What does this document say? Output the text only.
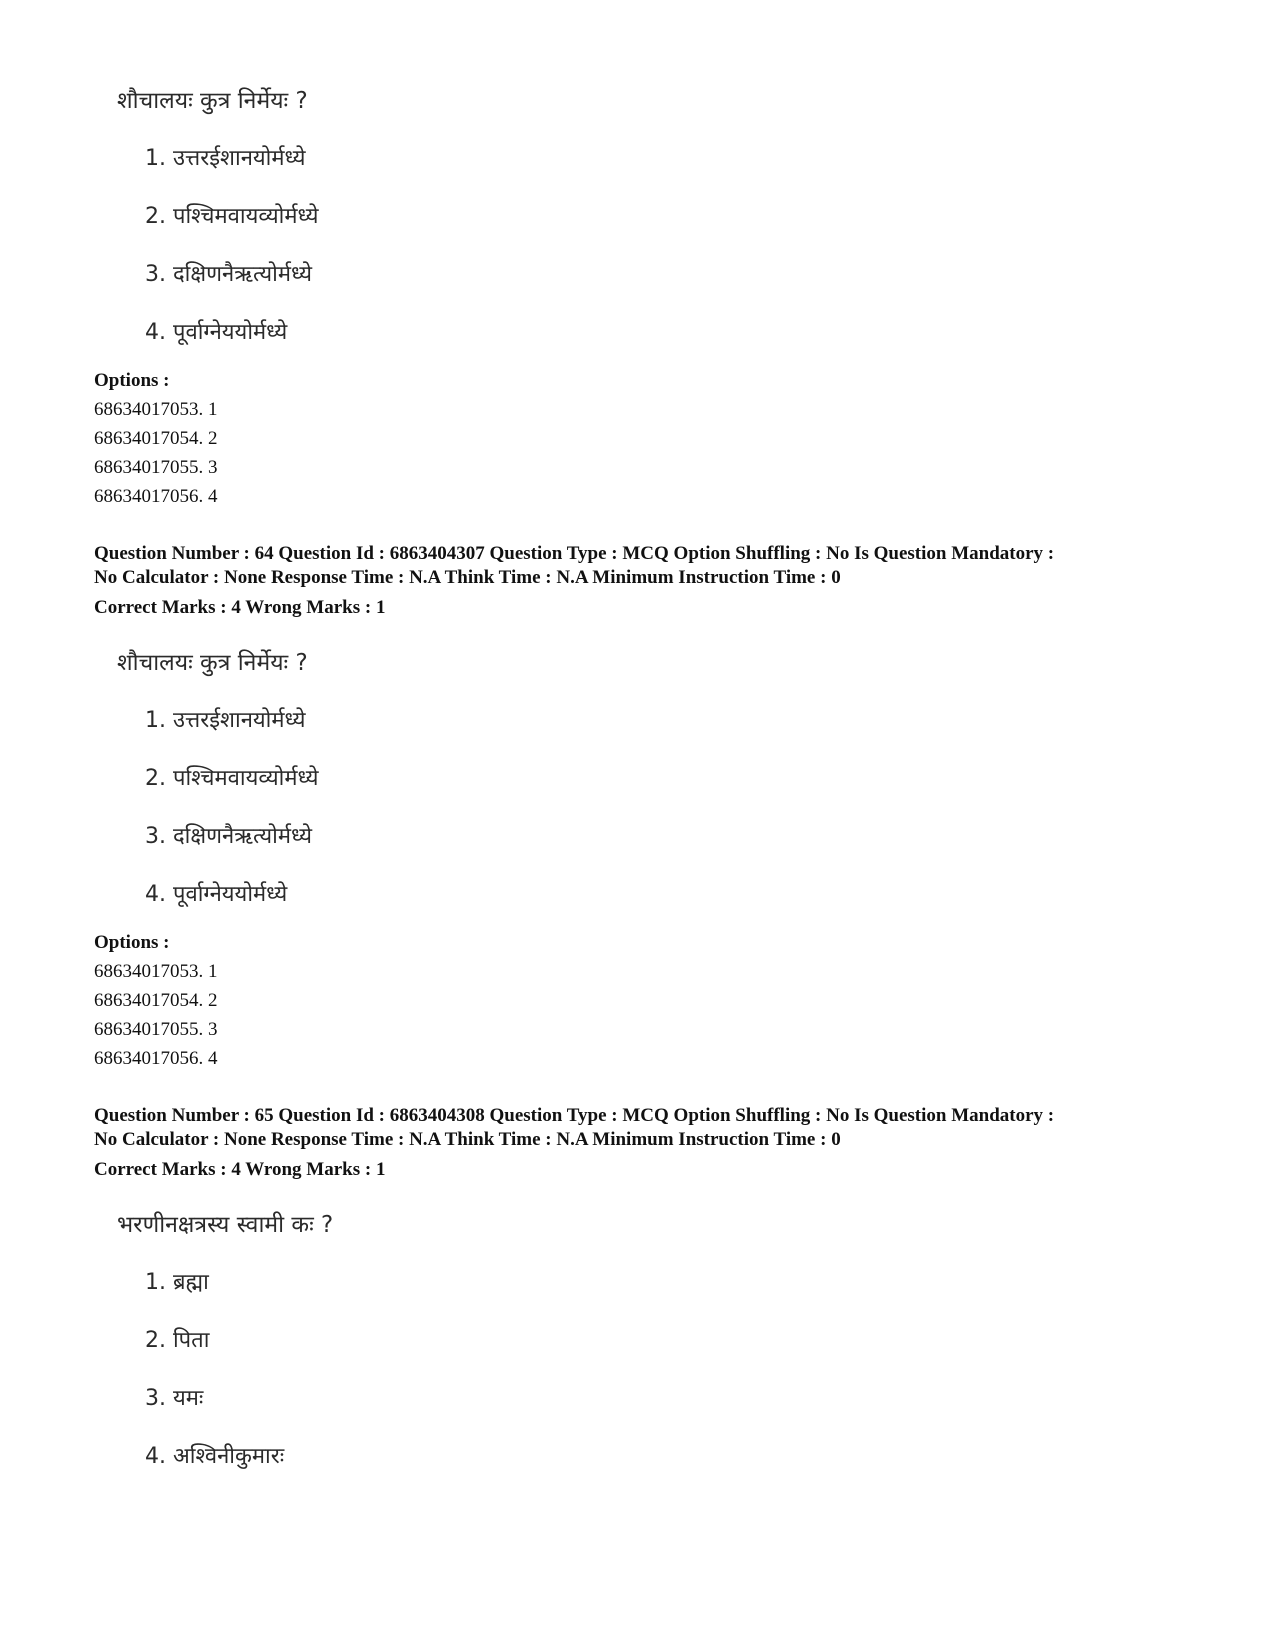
शौचालयः कुत्र निर्मेयः ?
1. उत्तरईशानयोर्मध्ये
2. पश्चिमवायव्योर्मध्ये
3. दक्षिणनैऋत्योर्मध्ये
4. पूर्वाग्नेययोर्मध्ये
Options :
68634017053. 1
68634017054. 2
68634017055. 3
68634017056. 4
Question Number : 64 Question Id : 6863404307 Question Type : MCQ Option Shuffling : No Is Question Mandatory :
No Calculator : None Response Time : N.A Think Time : N.A Minimum Instruction Time : 0
Correct Marks : 4 Wrong Marks : 1
शौचालयः कुत्र निर्मेयः ?
1. उत्तरईशानयोर्मध्ये
2. पश्चिमवायव्योर्मध्ये
3. दक्षिणनैऋत्योर्मध्ये
4. पूर्वाग्नेययोर्मध्ये
Options :
68634017053. 1
68634017054. 2
68634017055. 3
68634017056. 4
Question Number : 65 Question Id : 6863404308 Question Type : MCQ Option Shuffling : No Is Question Mandatory :
No Calculator : None Response Time : N.A Think Time : N.A Minimum Instruction Time : 0
Correct Marks : 4 Wrong Marks : 1
भरणीनक्षत्रस्य स्वामी कः ?
1. ब्रह्मा
2. पिता
3. यमः
4. अश्विनीकुमारः
